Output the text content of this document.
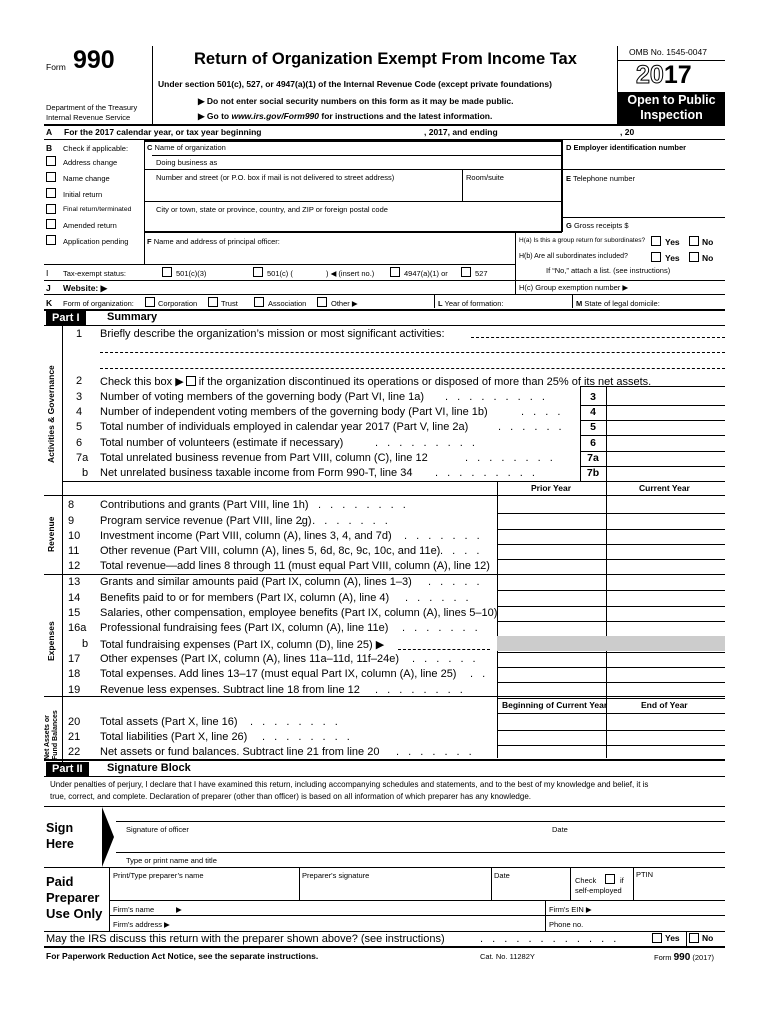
Form 990
Department of the Treasury
Internal Revenue Service
Return of Organization Exempt From Income Tax
Under section 501(c), 527, or 4947(a)(1) of the Internal Revenue Code (except private foundations)
▶ Do not enter social security numbers on this form as it may be made public.
▶ Go to www.irs.gov/Form990 for instructions and the latest information.
OMB No. 1545-0047
2017
Open to Public
Inspection
A For the 2017 calendar year, or tax year beginning	, 2017, and ending	, 20
B Check if applicable:
Address change
Name change
Initial return
Final return/terminated
Amended return
Application pending
C Name of organization
Doing business as
Number and street (or P.O. box if mail is not delivered to street address)	Room/suite
City or town, state or province, country, and ZIP or foreign postal code
D Employer identification number
E Telephone number
G Gross receipts $
F Name and address of principal officer:	H(a) Is this a group return for subordinates? Yes	No
H(b) Are all subordinates included?	Yes	No
If “No,” attach a list. (see instructions)
I Tax-exempt status:	501(c)(3)	501(c) (	) ◀ (insert no.)	4947(a)(1) or	527
J Website: ▶	H(c) Group exemption number ▶
K Form of organization:	Corporation	Trust	Association	Other ▶	L Year of formation:	M State of legal domicile:
Part I	Summary
Activities & Governance
1 Briefly describe the organization’s mission or most significant activities:
2 Check this box ▶ if the organization discontinued its operations or disposed of more than 25% of its net assets.
3 Number of voting members of the governing body (Part VI, line 1a)	3
4 Number of independent voting members of the governing body (Part VI, line 1b)	4
5 Total number of individuals employed in calendar year 2017 (Part V, line 2a)	5
6 Total number of volunteers (estimate if necessary)	6
7a Total unrelated business revenue from Part VIII, column (C), line 12	7a
b Net unrelated business taxable income from Form 990-T, line 34	7b
. . . . . . . . .
. . . .
. . . . . .
. . . . . . . . .
. . . . . . . .
. . . . . . . . .
8 Contributions and grants (Part VIII, line 1h) . . . . . . . .
9 Program service revenue (Part VIII, line 2g)
. . . . . . . .
10 Investment income (Part VIII, column (A), lines 3, 4, and 7d) . . . . . . .
11 Other revenue (Part VIII, column (A), lines 5, 6d, 8c, 9c, 10c, and 11e) . . . .
12 Total revenue—add lines 8 through 11 (must equal Part VIII, column (A), line 12)
13 Grants and similar amounts paid (Part IX, column (A), lines 1–3) . . . . .
14 Benefits paid to or for members (Part IX, column (A), line 4) . . . . . .
15 Salaries, other compensation, employee benefits (Part IX, column (A), lines 5–10)
16a Professional fundraising fees (Part IX, column (A), line 11e) . . . . . . .
b Total fundraising expenses (Part IX, column (D), line 25) ▶
17 Other expenses (Part IX, column (A), lines 11a–11d, 11f–24e) . . . . . .
18 Total expenses. Add lines 13–17 (must equal Part IX, column (A), line 25) . .
19 Revenue less expenses. Subtract line 18 from line 12 . . . . . . . .
20 Total assets (Part X, line 16) . . . . . . . .
21 Total liabilities (Part X, line 26) . . . . . . . .
22 Net assets or fund balances. Subtract line 21 from line 20 . . . . . . .
Prior Year	Current Year
Revenue
Expenses
Beginning of Current Year	End of Year
Net Assets or Fund Balances
Part II	Signature Block
Under penalties of perjury, I declare that I have examined this return, including accompanying schedules and statements, and to the best of my knowledge and belief, it is
true, correct, and complete. Declaration of preparer (other than officer) is based on all information of which preparer has any knowledge.
Sign
Here
Signature of officer	Date
Type or print name and title
Paid
Preparer
Use Only
Print/Type preparer’s name	Preparer's signature	Date
Check	if
self-employed
PTIN
Firm’s name	▶	Firm's EIN ▶
Firm's address ▶	Phone no.
May the IRS discuss this return with the preparer shown above? (see instructions)	. . . . . . . . . . . .	Yes	No
For Paperwork Reduction Act Notice, see the separate instructions.	Cat. No. 11282Y	Form 990 (2017)
